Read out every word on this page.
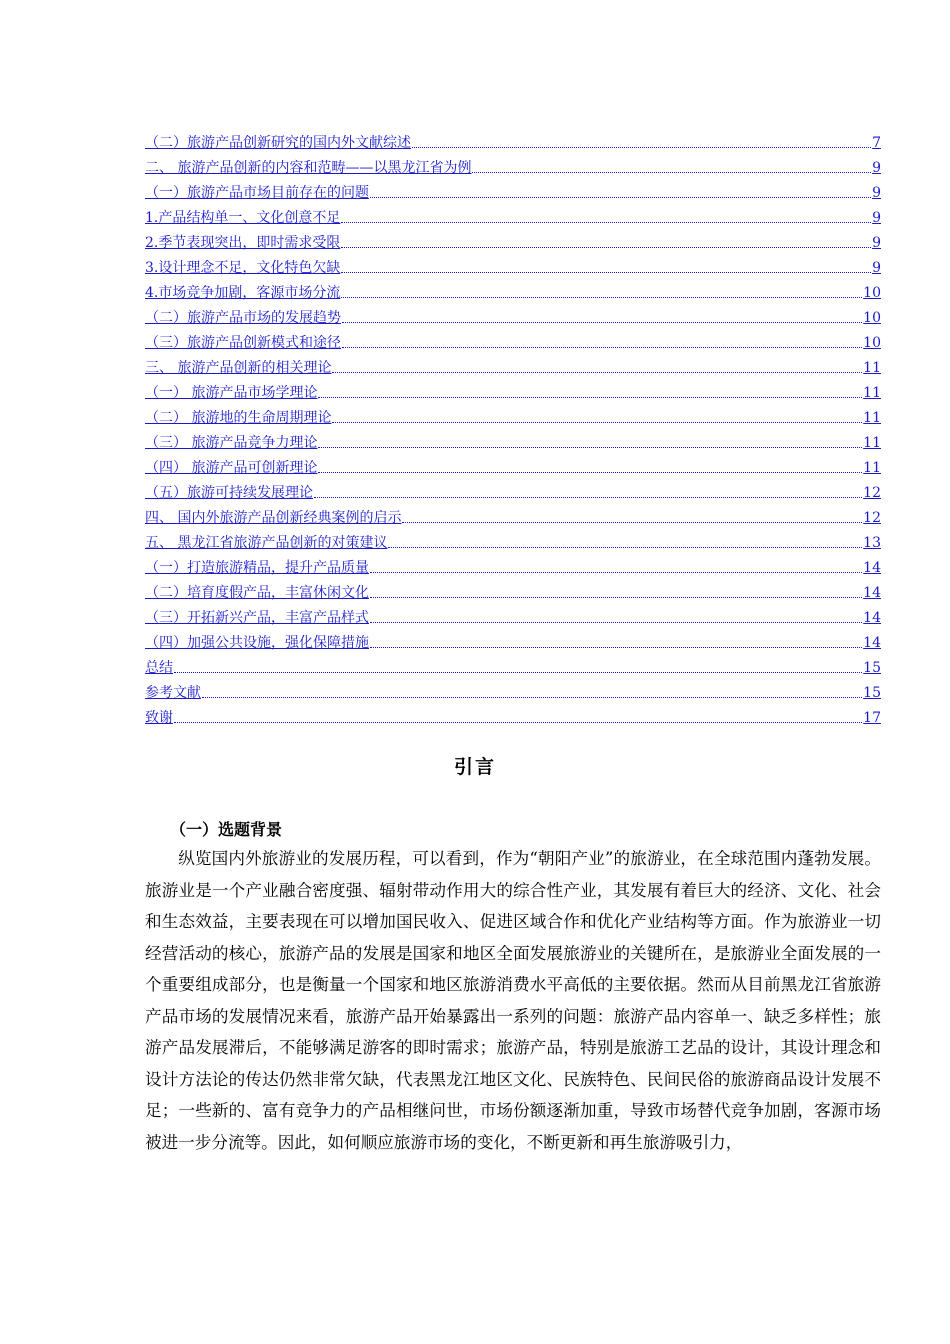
（二）旅游产品创新研究的国内外文献综述	7
二、 旅游产品创新的内容和范畴——以黑龙江省为例	9
（一）旅游产品市场目前存在的问题	9
1.产品结构单一、文化创意不足	9
2.季节表现突出，即时需求受限	9
3.设计理念不足，文化特色欠缺	9
4.市场竞争加剧，客源市场分流	10
（二）旅游产品市场的发展趋势	10
（三）旅游产品创新模式和途径	10
三、 旅游产品创新的相关理论	11
（一） 旅游产品市场学理论	11
（二） 旅游地的生命周期理论	11
（三） 旅游产品竞争力理论	11
（四） 旅游产品可创新理论	11
（五）旅游可持续发展理论	12
四、 国内外旅游产品创新经典案例的启示	12
五、 黑龙江省旅游产品创新的对策建议	13
（一）打造旅游精品，提升产品质量	14
（二）培育度假产品，丰富休闲文化	14
（三）开拓新兴产品，丰富产品样式	14
（四）加强公共设施，强化保障措施	14
总结	15
参考文献	15
致谢	17
引言
（一）选题背景
纵览国内外旅游业的发展历程，可以看到，作为“朝阳产业”的旅游业，在全球范围内蓬勃发展。旅游业是一个产业融合密度强、辐射带动作用大的综合性产业，其发展有着巨大的经济、文化、社会和生态效益，主要表现在可以增加国民收入、促进区域合作和优化产业结构等方面。作为旅游业一切经营活动的核心，旅游产品的发展是国家和地区全面发展旅游业的关键所在，是旅游业全面发展的一个重要组成部分，也是衡量一个国家和地区旅游消费水平高低的主要依据。然而从目前黑龙江省旅游产品市场的发展情况来看，旅游产品开始暴露出一系列的问题：旅游产品内容单一、缺乏多样性；旅游产品发展滞后，不能够满足游客的即时需求；旅游产品，特别是旅游工艺品的设计，其设计理念和设计方法论的传达仍然非常欠缺，代表黑龙江地区文化、民族特色、民间民俗的旅游商品设计发展不足；一些新的、富有竞争力的产品相继问世，市场份额逐渐加重，导致市场替代竞争加剧，客源市场被进一步分流等。因此，如何顺应旅游市场的变化，不断更新和再生旅游吸引力，
